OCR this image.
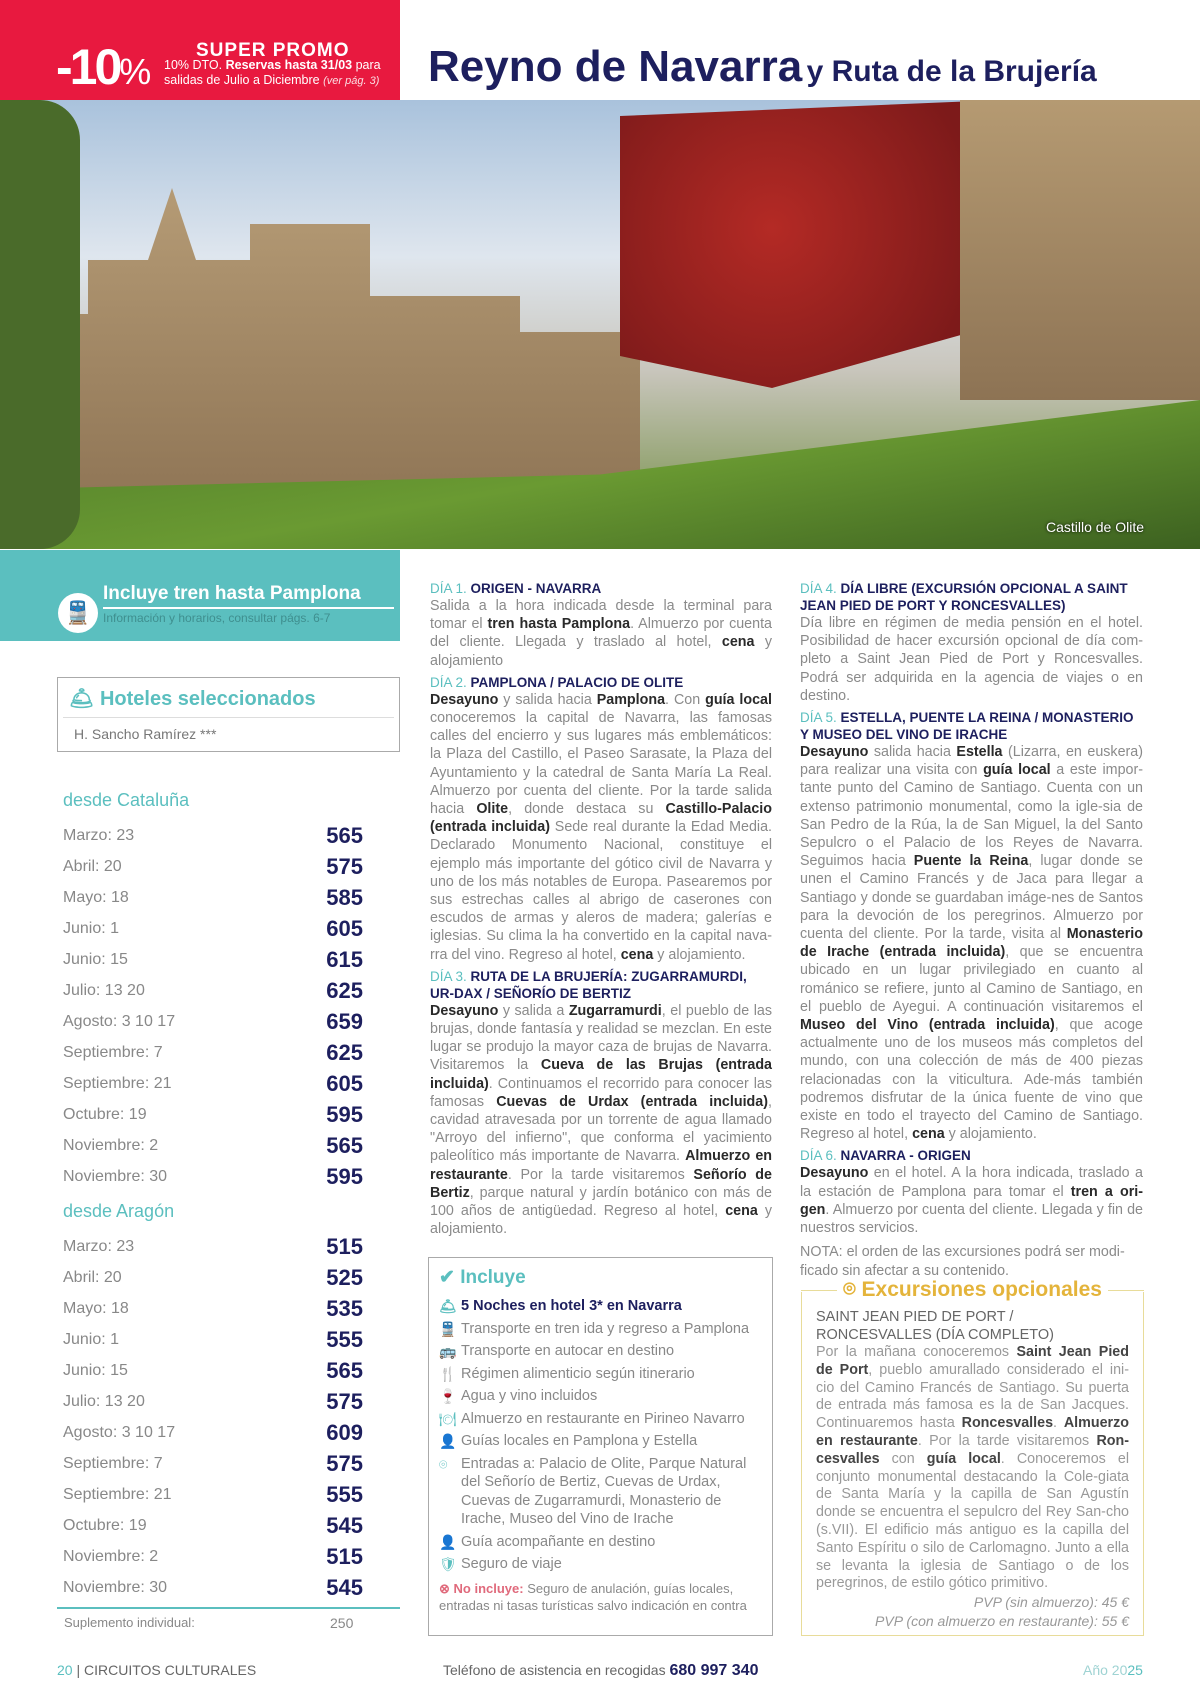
-10%
SUPER PROMO
10% DTO. Reservas hasta 31/03 para
salidas de Julio a Diciembre (ver pág. 3) Reyno de Navarra y Ruta de la Brujería
Castillo de Olite
🚆
Incluye tren hasta Pamplona
Información y horarios, consultar págs. 6-7
🛎 Hoteles seleccionados
H. Sancho Ramírez ***
desde Cataluña
Marzo: 23	565
Abril: 20	575
Mayo: 18	585
Junio: 1	605
Junio: 15	615
Julio: 13 20	625
Agosto: 3 10 17	659
Septiembre: 7	625
Septiembre: 21	605
Octubre: 19	595
Noviembre: 2	565
Noviembre: 30	595
desde Aragón
Marzo: 23	515
Abril: 20	525
Mayo: 18	535
Junio: 1	555
Junio: 15	565
Julio: 13 20	575
Agosto: 3 10 17	609
Septiembre: 7	575
Septiembre: 21	555
Octubre: 19	545
Noviembre: 2	515
Noviembre: 30	545
Suplemento individual:	250
DÍA 1. ORIGEN - NAVARRA
Salida a la hora indicada desde la terminal para tomar el tren hasta Pamplona. Almuerzo por cuenta del cliente. Llegada y traslado al hotel, cena y alojamiento
DÍA 2. PAMPLONA / PALACIO DE OLITE
Desayuno y salida hacia Pamplona. Con guía local conoceremos la capital de Navarra, las famosas calles del encierro y sus lugares más emblemáticos: la Plaza del Castillo, el Paseo Sarasate, la Plaza del Ayuntamiento y la catedral de Santa María La Real. Almuerzo por cuenta del cliente. Por la tarde salida hacia Olite, donde destaca su Castillo-Palacio (entrada incluida) Sede real durante la Edad Media. Declarado Monumento Nacional, constituye el ejemplo más importante del gótico civil de Navarra y uno de los más notables de Europa. Pasearemos por sus estrechas calles al abrigo de caserones con escudos de armas y aleros de madera; galerías e iglesias. Su clima la ha convertido en la capital nava-rra del vino. Regreso al hotel, cena y alojamiento.
DÍA 3. RUTA DE LA BRUJERÍA: ZUGARRAMURDI, UR-DAX / SEÑORÍO DE BERTIZ
Desayuno y salida a Zugarramurdi, el pueblo de las brujas, donde fantasía y realidad se mezclan. En este lugar se produjo la mayor caza de brujas de Navarra. Visitaremos la Cueva de las Brujas (entrada incluida). Continuamos el recorrido para conocer las famosas Cuevas de Urdax (entrada incluida), cavidad atravesada por un torrente de agua llamado "Arroyo del infierno", que conforma el yacimiento paleolítico más importante de Navarra. Almuerzo en restaurante. Por la tarde visitaremos Señorío de Bertiz, parque natural y jardín botánico con más de 100 años de antigüedad. Regreso al hotel, cena y alojamiento.
DÍA 4. DÍA LIBRE (EXCURSIÓN OPCIONAL A SAINT JEAN PIED DE PORT Y RONCESVALLES)
Día libre en régimen de media pensión en el hotel. Posibilidad de hacer excursión opcional de día com-pleto a Saint Jean Pied de Port y Roncesvalles. Podrá ser adquirida en la agencia de viajes o en destino.
DÍA 5. ESTELLA, PUENTE LA REINA / MONASTERIO Y MUSEO DEL VINO DE IRACHE
Desayuno salida hacia Estella (Lizarra, en euskera) para realizar una visita con guía local a este impor-tante punto del Camino de Santiago. Cuenta con un extenso patrimonio monumental, como la igle-sia de San Pedro de la Rúa, la de San Miguel, la del Santo Sepulcro o el Palacio de los Reyes de Navarra. Seguimos hacia Puente la Reina, lugar donde se unen el Camino Francés y de Jaca para llegar a Santiago y donde se guardaban imáge-nes de Santos para la devoción de los peregrinos. Almuerzo por cuenta del cliente. Por la tarde, visita al Monasterio de Irache (entrada incluida), que se encuentra ubicado en un lugar privilegiado en cuanto al románico se refiere, junto al Camino de Santiago, en el pueblo de Ayegui. A continuación visitaremos el Museo del Vino (entrada incluida), que acoge actualmente uno de los museos más completos del mundo, con una colección de más de 400 piezas relacionadas con la viticultura. Ade-más también podremos disfrutar de la única fuente de vino que existe en todo el trayecto del Camino de Santiago. Regreso al hotel, cena y alojamiento.
DÍA 6. NAVARRA - ORIGEN
Desayuno en el hotel. A la hora indicada, traslado a la estación de Pamplona para tomar el tren a ori-gen. Almuerzo por cuenta del cliente. Llegada y fin de nuestros servicios.
NOTA: el orden de las excursiones podrá ser modi-ficado sin afectar a su contenido.
✔ Incluye
🛎 5 Noches en hotel 3* en Navarra
🚆 Transporte en tren ida y regreso a Pamplona
🚌 Transporte en autocar en destino
🍴 Régimen alimenticio según itinerario
🍷 Agua y vino incluidos
🍽 Almuerzo en restaurante en Pirineo Navarro
👤 Guías locales en Pamplona y Estella
⌾ Entradas a: Palacio de Olite, Parque Natural del Señorío de Bertiz, Cuevas de Urdax, Cuevas de Zugarramurdi, Monasterio de Irache, Museo del Vino de Irache
👤 Guía acompañante en destino
🛡 Seguro de viaje
⊗ No incluye: Seguro de anulación, guías locales, entradas ni tasas turísticas salvo indicación en contra
⌾ Excursiones opcionales
SAINT JEAN PIED DE PORT / RONCESVALLES (DÍA COMPLETO)
Por la mañana conoceremos Saint Jean Pied de Port, pueblo amurallado considerado el ini-cio del Camino Francés de Santiago. Su puerta de entrada más famosa es la de San Jacques. Continuaremos hasta Roncesvalles. Almuerzo en restaurante. Por la tarde visitaremos Ron-cesvalles con guía local. Conoceremos el conjunto monumental destacando la Cole-giata de Santa María y la capilla de San Agustín donde se encuentra el sepulcro del Rey San-cho (s.VII). El edificio más antiguo es la capilla del Santo Espíritu o silo de Carlomagno. Junto a ella se levanta la iglesia de Santiago o de los peregrinos, de estilo gótico primitivo.
PVP (sin almuerzo): 45 €
PVP (con almuerzo en restaurante): 55 €
20 | CIRCUITOS CULTURALES	Teléfono de asistencia en recogidas 680 997 340	Año 2025
